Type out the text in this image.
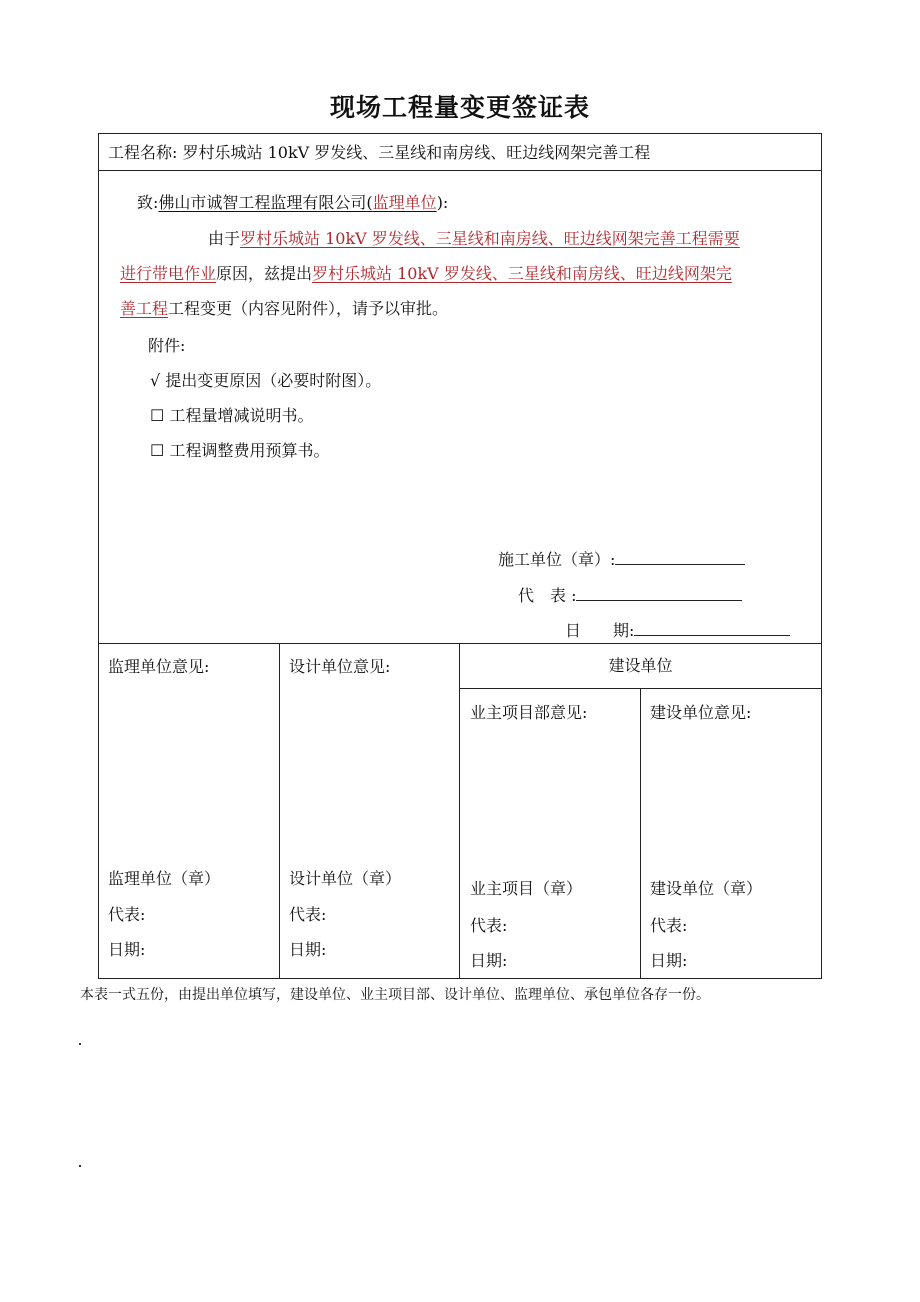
现场工程量变更签证表
工程名称: 罗村乐城站 10kV 罗发线、三星线和南房线、旺边线网架完善工程
致:佛山市诚智工程监理有限公司(监理单位):
由于罗村乐城站 10kV 罗发线、三星线和南房线、旺边线网架完善工程需要
进行带电作业原因，兹提出罗村乐城站 10kV 罗发线、三星线和南房线、旺边线网架完
善工程工程变更（内容见附件），请予以审批。
附件:
√ 提出变更原因（必要时附图）。
☐ 工程量增减说明书。
☐ 工程调整费用预算书。
施工单位（章）:
代　表 :
日　　期:
监理单位意见:
监理单位（章）
代表:
日期:
设计单位意见:
设计单位（章）
代表:
日期:
建设单位
业主项目部意见:
业主项目（章）
代表:
日期:
建设单位意见:
建设单位（章）
代表:
日期:
本表一式五份，由提出单位填写，建设单位、业主项目部、设计单位、监理单位、承包单位各存一份。
